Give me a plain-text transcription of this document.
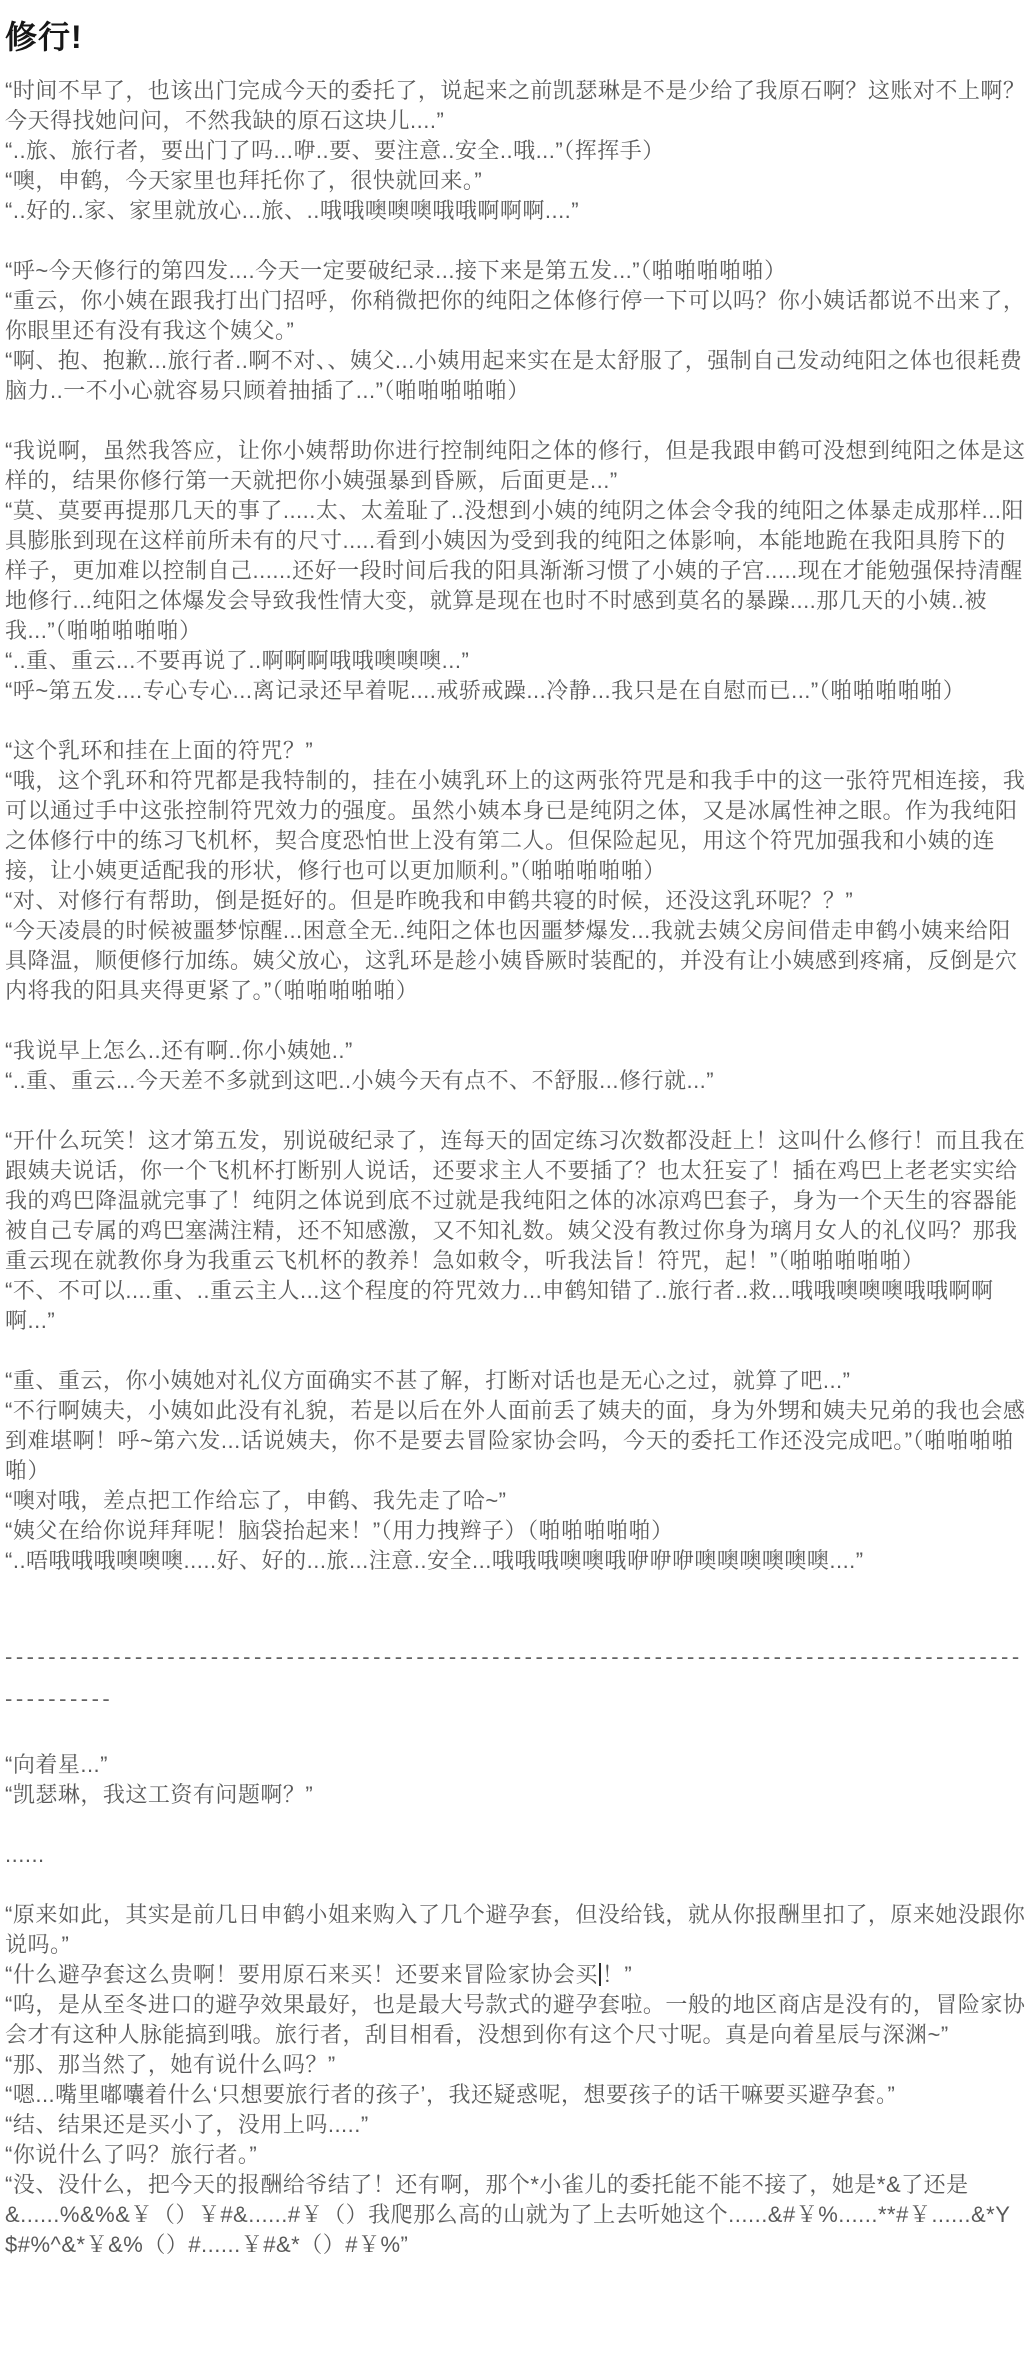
修行!

“时间不早了，也该出门完成今天的委托了，说起来之前凯瑟琳是不是少给了我原石啊？这账对不上啊？今天得找她问问，不然我缺的原石这块儿....”

“..旅、旅行者，要出门了吗...咿..要、要注意..安全..哦...”（挥挥手）

“噢，申鹤，今天家里也拜托你了，很快就回来。”

“..好的..家、家里就放心...旅、..哦哦噢噢噢哦哦啊啊啊....”

“呼~今天修行的第四发....今天一定要破纪录...接下来是第五发...”（啪啪啪啪啪）

“重云，你小姨在跟我打出门招呼，你稍微把你的纯阳之体修行停一下可以吗？你小姨话都说不出来了，你眼里还有没有我这个姨父。”

“啊、抱、抱歉...旅行者..啊不对、、姨父...小姨用起来实在是太舒服了，强制自己发动纯阳之体也很耗费脑力..一不小心就容易只顾着抽插了...”（啪啪啪啪啪）

“我说啊，虽然我答应，让你小姨帮助你进行控制纯阳之体的修行，但是我跟申鹤可没想到纯阳之体是这样的，结果你修行第一天就把你小姨强暴到昏厥，后面更是...”

“莫、莫要再提那几天的事了.....太、太羞耻了..没想到小姨的纯阴之体会令我的纯阳之体暴走成那样...阳具膨胀到现在这样前所未有的尺寸.....看到小姨因为受到我的纯阳之体影响，本能地跪在我阳具胯下的样子，更加难以控制自己......还好一段时间后我的阳具渐渐习惯了小姨的子宫.....现在才能勉强保持清醒地修行...纯阳之体爆发会导致我性情大变，就算是现在也时不时感到莫名的暴躁....那几天的小姨..被我...”（啪啪啪啪啪）

“..重、重云...不要再说了..啊啊啊哦哦噢噢噢...”

“呼~第五发....专心专心...离记录还早着呢....戒骄戒躁...冷静...我只是在自慰而已...”（啪啪啪啪啪）

“这个乳环和挂在上面的符咒？”

“哦，这个乳环和符咒都是我特制的，挂在小姨乳环上的这两张符咒是和我手中的这一张符咒相连接，我可以通过手中这张控制符咒效力的强度。虽然小姨本身已是纯阴之体，又是冰属性神之眼。作为我纯阳之体修行中的练习飞机杯，契合度恐怕世上没有第二人。但保险起见，用这个符咒加强我和小姨的连接，让小姨更适配我的形状，修行也可以更加顺利。”（啪啪啪啪啪）

“对、对修行有帮助，倒是挺好的。但是昨晚我和申鹤共寝的时候，还没这乳环呢？？”

“今天凌晨的时候被噩梦惊醒...困意全无..纯阳之体也因噩梦爆发...我就去姨父房间借走申鹤小姨来给阳具降温，顺便修行加练。姨父放心，这乳环是趁小姨昏厥时装配的，并没有让小姨感到疼痛，反倒是穴内将我的阳具夹得更紧了。”（啪啪啪啪啪）

“我说早上怎么..还有啊..你小姨她..”

“..重、重云...今天差不多就到这吧..小姨今天有点不、不舒服...修行就...”

“开什么玩笑！这才第五发，别说破纪录了，连每天的固定练习次数都没赶上！这叫什么修行！而且我在跟姨夫说话，你一个飞机杯打断别人说话，还要求主人不要插了？也太狂妄了！插在鸡巴上老老实实给我的鸡巴降温就完事了！纯阴之体说到底不过就是我纯阳之体的冰凉鸡巴套子，身为一个天生的容器能被自己专属的鸡巴塞满注精，还不知感激，又不知礼数。姨父没有教过你身为璃月女人的礼仪吗？那我重云现在就教你身为我重云飞机杯的教养！急如敕令，听我法旨！符咒，起！”（啪啪啪啪啪）

“不、不可以....重、..重云主人...这个程度的符咒效力...申鹤知错了..旅行者..救...哦哦噢噢噢哦哦啊啊啊...”

“重、重云，你小姨她对礼仪方面确实不甚了解，打断对话也是无心之过，就算了吧...”

“不行啊姨夫，小姨如此没有礼貌，若是以后在外人面前丢了姨夫的面，身为外甥和姨夫兄弟的我也会感到难堪啊！呼~第六发...话说姨夫，你不是要去冒险家协会吗，今天的委托工作还没完成吧。”（啪啪啪啪啪）

“噢对哦，差点把工作给忘了，申鹤、我先走了哈~”

“姨父在给你说拜拜呢！脑袋抬起来！”（用力拽辫子）（啪啪啪啪啪）

“..唔哦哦哦噢噢噢.....好、好的...旅...注意..安全...哦哦哦噢噢哦咿咿咿噢噢噢噢噢噢....”

--------------------------------------------------------------------------------------------------------

“向着星...”

“凯瑟琳，我这工资有问题啊？”

......

“原来如此，其实是前几日申鹤小姐来购入了几个避孕套，但没给钱，就从你报酬里扣了，原来她没跟你说吗。”

“什么避孕套这么贵啊！要用原石来买！还要来冒险家协会买 ！”

“呜，是从至冬进口的避孕效果最好，也是最大号款式的避孕套啦。一般的地区商店是没有的，冒险家协会才有这种人脉能搞到哦。旅行者，刮目相看，没想到你有这个尺寸呢。真是向着星辰与深渊~”

“那、那当然了，她有说什么吗？”

“嗯...嘴里嘟囔着什么‘只想要旅行者的孩子’，我还疑惑呢，想要孩子的话干嘛要买避孕套。”

“结、结果还是买小了，没用上吗.....”

“你说什么了吗？旅行者。”

“没、没什么，把今天的报酬给爷结了！还有啊，那个*小雀儿的委托能不能不接了，她是*&了还是&......%&%&￥（）￥#&......#￥（）我爬那么高的山就为了上去听她这个......&#￥%......**#￥......&*Y$#%^&*￥&%（）#......￥#&*（）#￥%”
